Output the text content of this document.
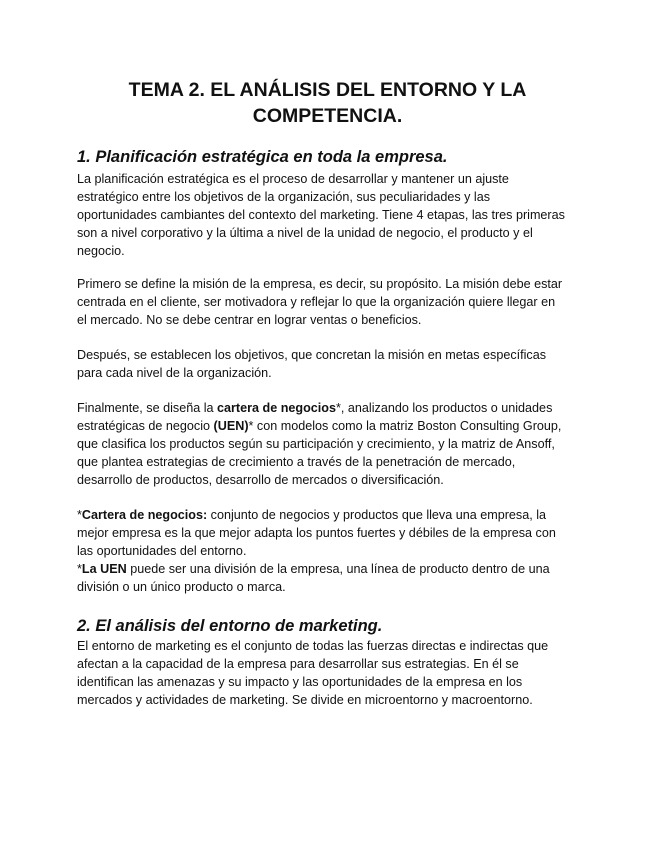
TEMA 2. EL ANÁLISIS DEL ENTORNO Y LA
COMPETENCIA.
1. Planificación estratégica en toda la empresa.

La planificación estratégica es el proceso de desarrollar y mantener un ajuste
estratégico entre los objetivos de la organización, sus peculiaridades y las
oportunidades cambiantes del contexto del marketing. Tiene 4 etapas, las tres primeras
son a nivel corporativo y la última a nivel de la unidad de negocio, el producto y el
negocio.

Primero se define la misión de la empresa, es decir, su propósito. La misión debe estar
centrada en el cliente, ser motivadora y reflejar lo que la organización quiere llegar en
el mercado. No se debe centrar en lograr ventas o beneficios.

Después, se establecen los objetivos, que concretan la misión en metas específicas
para cada nivel de la organización.

Finalmente, se diseña la cartera de negocios*, analizando los productos o unidades
estratégicas de negocio (UEN)* con modelos como la matriz Boston Consulting Group,
que clasifica los productos según su participación y crecimiento, y la matriz de Ansoff,
que plantea estrategias de crecimiento a través de la penetración de mercado,
desarrollo de productos, desarrollo de mercados o diversificación.

*Cartera de negocios: conjunto de negocios y productos que lleva una empresa, la
mejor empresa es la que mejor adapta los puntos fuertes y débiles de la empresa con
las oportunidades del entorno.
*La UEN puede ser una división de la empresa, una línea de producto dentro de una
división o un único producto o marca.

2. El análisis del entorno de marketing.

El entorno de marketing es el conjunto de todas las fuerzas directas e indirectas que
afectan a la capacidad de la empresa para desarrollar sus estrategias. En él se
identifican las amenazas y su impacto y las oportunidades de la empresa en los
mercados y actividades de marketing. Se divide en microentorno y macroentorno.
